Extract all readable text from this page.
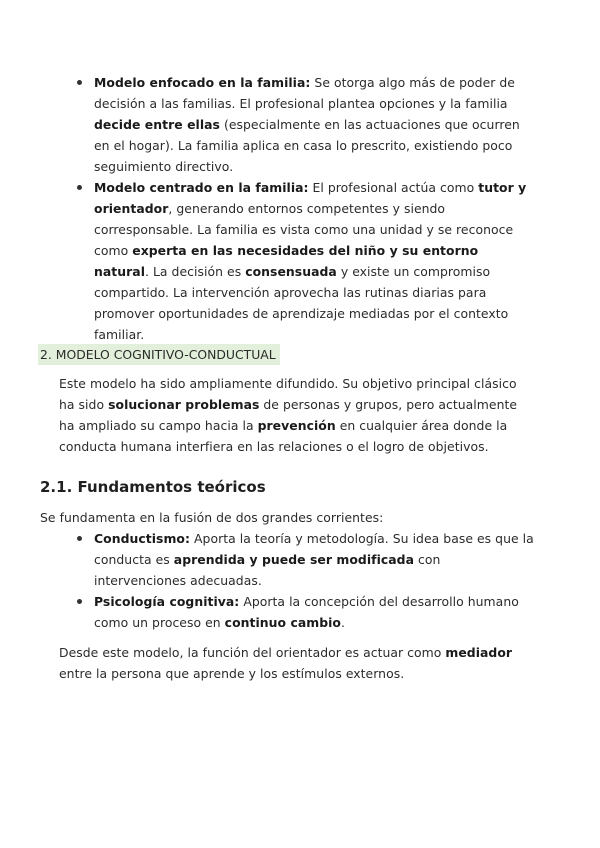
Modelo enfocado en la familia: Se otorga algo más de poder de decisión a las familias. El profesional plantea opciones y la familia decide entre ellas (especialmente en las actuaciones que ocurren en el hogar). La familia aplica en casa lo prescrito, existiendo poco seguimiento directivo.
Modelo centrado en la familia: El profesional actúa como tutor y orientador, generando entornos competentes y siendo corresponsable. La familia es vista como una unidad y se reconoce como experta en las necesidades del niño y su entorno natural. La decisión es consensuada y existe un compromiso compartido. La intervención aprovecha las rutinas diarias para promover oportunidades de aprendizaje mediadas por el contexto familiar.
2. MODELO COGNITIVO-CONDUCTUAL
Este modelo ha sido ampliamente difundido. Su objetivo principal clásico ha sido solucionar problemas de personas y grupos, pero actualmente ha ampliado su campo hacia la prevención en cualquier área donde la conducta humana interfiera en las relaciones o el logro de objetivos.
2.1. Fundamentos teóricos
Se fundamenta en la fusión de dos grandes corrientes:
Conductismo: Aporta la teoría y metodología. Su idea base es que la conducta es aprendida y puede ser modificada con intervenciones adecuadas.
Psicología cognitiva: Aporta la concepción del desarrollo humano como un proceso en continuo cambio.
Desde este modelo, la función del orientador es actuar como mediador entre la persona que aprende y los estímulos externos.
